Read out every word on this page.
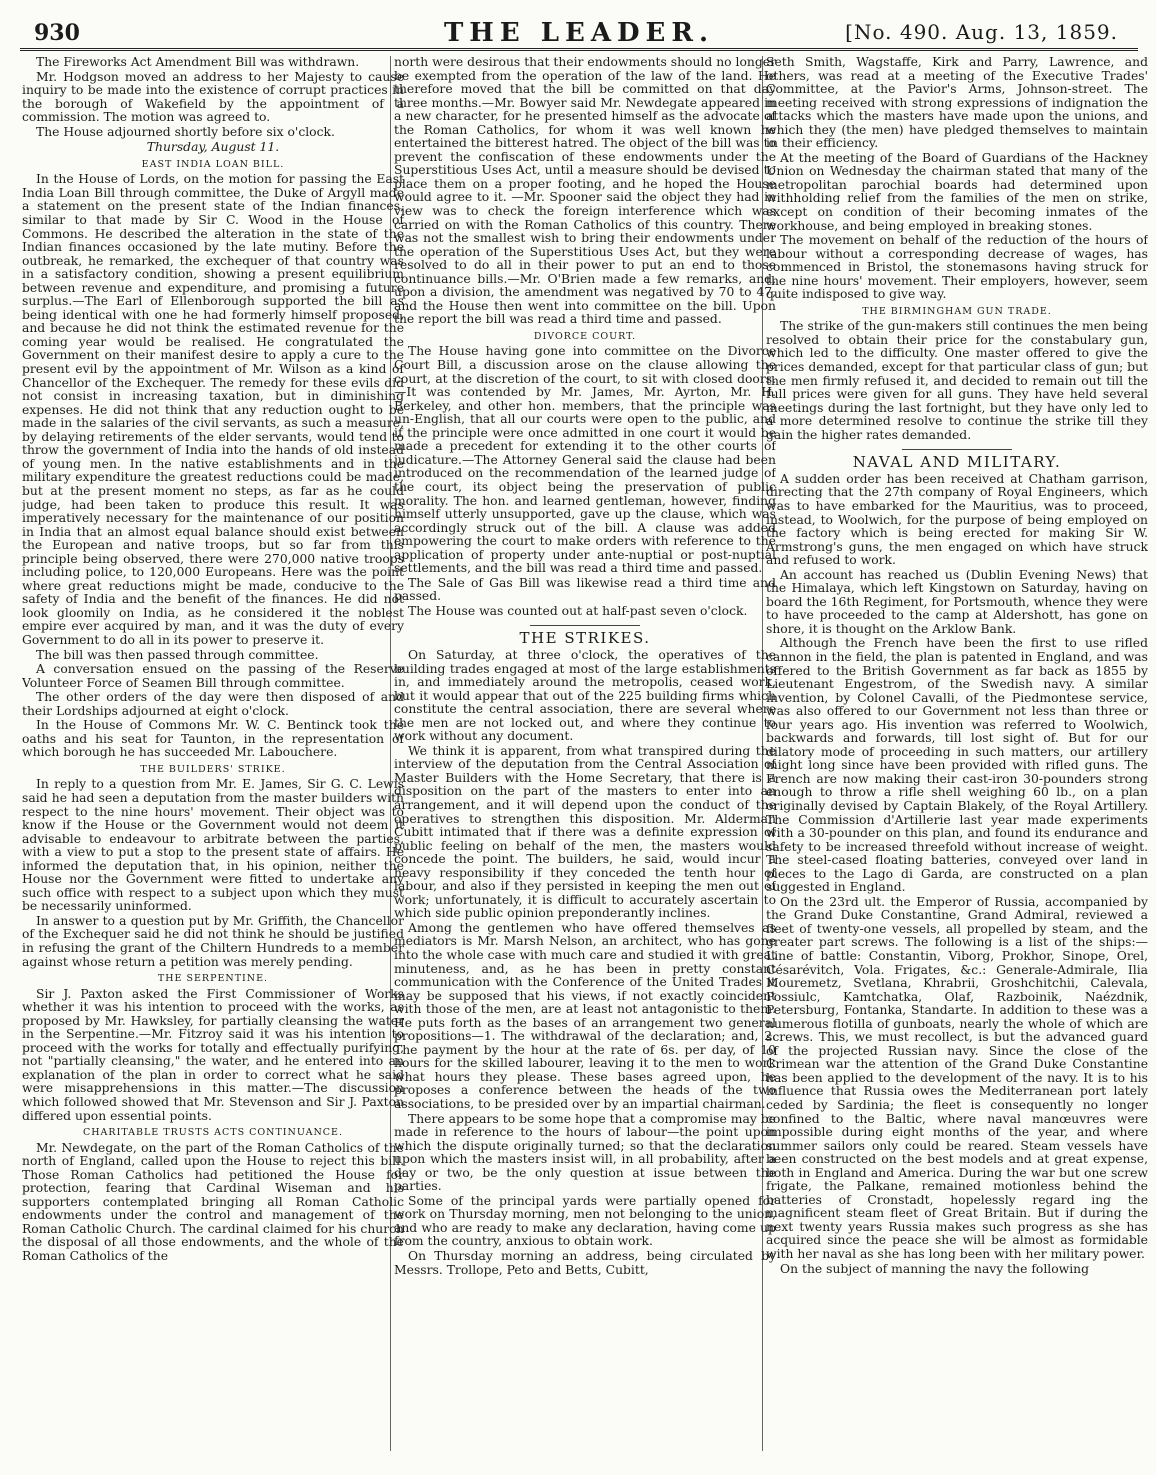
930	THE LEADER.	[No. 490. Aug. 13, 1859.

The Fireworks Act Amendment Bill was withdrawn.

Mr. Hodgson moved an address to her Majesty to cause inquiry to be made into the existence of corrupt practices in the borough of Wakefield by the appointment of a commission. The motion was agreed to.

The House adjourned shortly before six o'clock.

Thursday, August 11.
EAST INDIA LOAN BILL.

In the House of Lords, on the motion for passing the East India Loan Bill through committee, the Duke of Argyll made a statement on the present state of the Indian finances, similar to that made by Sir C. Wood in the House of Commons. He described the alteration in the state of the Indian finances occasioned by the late mutiny. Before the outbreak, he remarked, the exchequer of that country was in a satisfactory condition, showing a present equilibrium between revenue and expenditure, and promising a future surplus.—The Earl of Ellenborough supported the bill as being identical with one he had formerly himself proposed, and because he did not think the estimated revenue for the coming year would be realised. He congratulated the Government on their manifest desire to apply a cure to the present evil by the appointment of Mr. Wilson as a kind of Chancellor of the Exchequer. The remedy for these evils did not consist in increasing taxation, but in diminishing expenses. He did not think that any reduction ought to be made in the salaries of the civil servants, as such a measure, by delaying retirements of the elder servants, would tend to throw the government of India into the hands of old instead of young men. In the native establishments and in the military expenditure the greatest reductions could be made, but at the present moment no steps, as far as he could judge, had been taken to produce this result. It was imperatively necessary for the maintenance of our position in India that an almost equal balance should exist between the European and native troops, but so far from this principle being observed, there were 270,000 native troops including police, to 120,000 Europeans. Here was the point where great reductions might be made, conducive to the safety of India and the benefit of the finances. He did not look gloomily on India, as he considered it the noblest empire ever acquired by man, and it was the duty of every Government to do all in its power to preserve it.

The bill was then passed through committee.

A conversation ensued on the passing of the Reserve Volunteer Force of Seamen Bill through committee.

The other orders of the day were then disposed of and their Lordships adjourned at eight o'clock.

In the House of Commons Mr. W. C. Bentinck took the oaths and his seat for Taunton, in the representation of which borough he has succeeded Mr. Labouchere.

THE BUILDERS' STRIKE.

In reply to a question from Mr. E. James, Sir G. C. Lewis said he had seen a deputation from the master builders with respect to the nine hours' movement. Their object was to know if the House or the Government would not deem it advisable to endeavour to arbitrate between the parties, with a view to put a stop to the present state of affairs. He informed the deputation that, in his opinion, neither the House nor the Government were fitted to undertake any such office with respect to a subject upon which they must be necessarily uninformed.

In answer to a question put by Mr. Griffith, the Chancellor of the Exchequer said he did not think he should be justified in refusing the grant of the Chiltern Hundreds to a member against whose return a petition was merely pending.

THE SERPENTINE.

Sir J. Paxton asked the First Commissioner of Works whether it was his intention to proceed with the works, as proposed by Mr. Hawksley, for partially cleansing the water in the Serpentine.—Mr. Fitzroy said it was his intention to proceed with the works for totally and effectually purifying, not "partially cleansing," the water, and he entered into an explanation of the plan in order to correct what he said were misapprehensions in this matter.—The discussion which followed showed that Mr. Stevenson and Sir J. Paxton differed upon essential points.

CHARITABLE TRUSTS ACTS CONTINUANCE.

Mr. Newdegate, on the part of the Roman Catholics of the north of England, called upon the House to reject this bill. Those Roman Catholics had petitioned the House for protection, fearing that Cardinal Wiseman and his supporters contemplated bringing all Roman Catholic endowments under the control and management of the Roman Catholic Church. The cardinal claimed for his church the disposal of all those endowments, and the whole of the Roman Catholics of the

north were desirous that their endowments should no longer be exempted from the operation of the law of the land. He therefore moved that the bill be committed on that day three months.—Mr. Bowyer said Mr. Newdegate appeared in a new character, for he presented himself as the advocate of the Roman Catholics, for whom it was well known he entertained the bitterest hatred. The object of the bill was to prevent the confiscation of these endowments under the Superstitious Uses Act, until a measure should be devised to place them on a proper footing, and he hoped the House would agree to it. —Mr. Spooner said the object they had in view was to check the foreign interference which was carried on with the Roman Catholics of this country. There was not the smallest wish to bring their endowments under the operation of the Superstitious Uses Act, but they were resolved to do all in their power to put an end to those continuance bills.—Mr. O'Brien made a few remarks, and, upon a division, the amendment was negatived by 70 to 47, and the House then went into committee on the bill. Upon the report the bill was read a third time and passed.

DIVORCE COURT.

The House having gone into committee on the Divorce Court Bill, a discussion arose on the clause allowing the court, at the discretion of the court, to sit with closed doors.—It was contended by Mr. James, Mr. Ayrton, Mr. H. Berkeley, and other hon. members, that the principle was un-English, that all our courts were open to the public, and if the principle were once admitted in one court it would be made a precedent for extending it to the other courts of judicature.—The Attorney General said the clause had been introduced on the recommendation of the learned judge of the court, its object being the preservation of public morality. The hon. and learned gentleman, however, finding himself utterly unsupported, gave up the clause, which was accordingly struck out of the bill. A clause was added empowering the court to make orders with reference to the application of property under ante-nuptial or post-nuptial settlements, and the bill was read a third time and passed.

The Sale of Gas Bill was likewise read a third time and passed.

The House was counted out at half-past seven o'clock.

THE STRIKES.

On Saturday, at three o'clock, the operatives of the building trades engaged at most of the large establishments in, and immediately around the metropolis, ceased work, but it would appear that out of the 225 building firms which constitute the central association, there are several where the men are not locked out, and where they continue to work without any document.

We think it is apparent, from what transpired during the interview of the deputation from the Central Association of Master Builders with the Home Secretary, that there is a disposition on the part of the masters to enter into an arrangement, and it will depend upon the conduct of the operatives to strengthen this disposition. Mr. Alderman Cubitt intimated that if there was a definite expression of public feeling on behalf of the men, the masters would concede the point. The builders, he said, would incur a heavy responsibility if they conceded the tenth hour of labour, and also if they persisted in keeping the men out of work; unfortunately, it is difficult to accurately ascertain to which side public opinion preponderantly inclines.

Among the gentlemen who have offered themselves as mediators is Mr. Marsh Nelson, an architect, who has gone into the whole case with much care and studied it with great minuteness, and, as he has been in pretty constant communication with the Conference of the United Trades it may be supposed that his views, if not exactly coincident with those of the men, are at least not antagonistic to them. He puts forth as the bases of an arrangement two general propositions—1. The withdrawal of the declaration; and, 2. The payment by the hour at the rate of 6s. per day, of 10 hours for the skilled labourer, leaving it to the men to work what hours they please. These bases agreed upon, he proposes a conference between the heads of the two associations, to be presided over by an impartial chairman.

There appears to be some hope that a compromise may be made in reference to the hours of labour—the point upon which the dispute originally turned; so that the declaration upon which the masters insist will, in all probability, after a day or two, be the only question at issue between the parties.

Some of the principal yards were partially opened for work on Thursday morning, men not belonging to the union, and who are ready to make any declaration, having come up from the country, anxious to obtain work.

On Thursday morning an address, being circulated by Messrs. Trollope, Peto and Betts, Cubitt,

Seth Smith, Wagstaffe, Kirk and Parry, Lawrence, and others, was read at a meeting of the Executive Trades' Committee, at the Pavior's Arms, Johnson-street. The meeting received with strong expressions of indignation the attacks which the masters have made upon the unions, and which they (the men) have pledged themselves to maintain in their efficiency.

At the meeting of the Board of Guardians of the Hackney Union on Wednesday the chairman stated that many of the metropolitan parochial boards had determined upon withholding relief from the families of the men on strike, except on condition of their becoming inmates of the workhouse, and being employed in breaking stones.

The movement on behalf of the reduction of the hours of labour without a corresponding decrease of wages, has commenced in Bristol, the stonemasons having struck for the nine hours' movement. Their employers, however, seem quite indisposed to give way.

THE BIRMINGHAM GUN TRADE.

The strike of the gun-makers still continues the men being resolved to obtain their price for the constabulary gun, which led to the difficulty. One master offered to give the prices demanded, except for that particular class of gun; but the men firmly refused it, and decided to remain out till the full prices were given for all guns. They have held several meetings during the last fortnight, but they have only led to a more determined resolve to continue the strike till they gain the higher rates demanded.

NAVAL AND MILITARY.

A sudden order has been received at Chatham garrison, directing that the 27th company of Royal Engineers, which was to have embarked for the Mauritius, was to proceed, instead, to Woolwich, for the purpose of being employed on the factory which is being erected for making Sir W. Armstrong's guns, the men engaged on which have struck and refused to work.

An account has reached us (Dublin Evening News) that the Himalaya, which left Kingstown on Saturday, having on board the 16th Regiment, for Portsmouth, whence they were to have proceeded to the camp at Aldershott, has gone on shore, it is thought on the Arklow Bank.

Although the French have been the first to use rifled cannon in the field, the plan is patented in England, and was offered to the British Government as far back as 1855 by Lieutenant Engestrom, of the Swedish navy. A similar invention, by Colonel Cavalli, of the Piedmontese service, was also offered to our Government not less than three or four years ago. His invention was referred to Woolwich, backwards and forwards, till lost sight of. But for our dilatory mode of proceeding in such matters, our artillery might long since have been provided with rifled guns. The French are now making their cast-iron 30-pounders strong enough to throw a rifle shell weighing 60 lb., on a plan originally devised by Captain Blakely, of the Royal Artillery. The Commission d'Artillerie last year made experiments with a 30-pounder on this plan, and found its endurance and safety to be increased threefold without increase of weight. The steel-cased floating batteries, conveyed over land in pieces to the Lago di Garda, are constructed on a plan suggested in England.

On the 23rd ult. the Emperor of Russia, accompanied by the Grand Duke Constantine, Grand Admiral, reviewed a fleet of twenty-one vessels, all propelled by steam, and the greater part screws. The following is a list of the ships:—Line of battle: Constantin, Viborg, Prokhor, Sinope, Orel, Césarévitch, Vola. Frigates, &c.: Generale-Admirale, Ilia Mouremetz, Svetlana, Khrabrii, Groshchitchii, Calevala, Possiulc, Kamtchatka, Olaf, Razboinik, Naézdnik, Petersburg, Fontanka, Standarte. In addition to these was a numerous flotilla of gunboats, nearly the whole of which are screws. This, we must recollect, is but the advanced guard of the projected Russian navy. Since the close of the Crimean war the attention of the Grand Duke Constantine has been applied to the development of the navy. It is to his influence that Russia owes the Mediterranean port lately ceded by Sardinia; the fleet is consequently no longer confined to the Baltic, where naval manœuvres were impossible during eight months of the year, and where summer sailors only could be reared. Steam vessels have been constructed on the best models and at great expense, both in England and America. During the war but one screw frigate, the Palkane, remained motionless behind the batteries of Cronstadt, hopelessly regard ing the magnificent steam fleet of Great Britain. But if during the next twenty years Russia makes such progress as she has acquired since the peace she will be almost as formidable with her naval as she has long been with her military power.

On the subject of manning the navy the following
